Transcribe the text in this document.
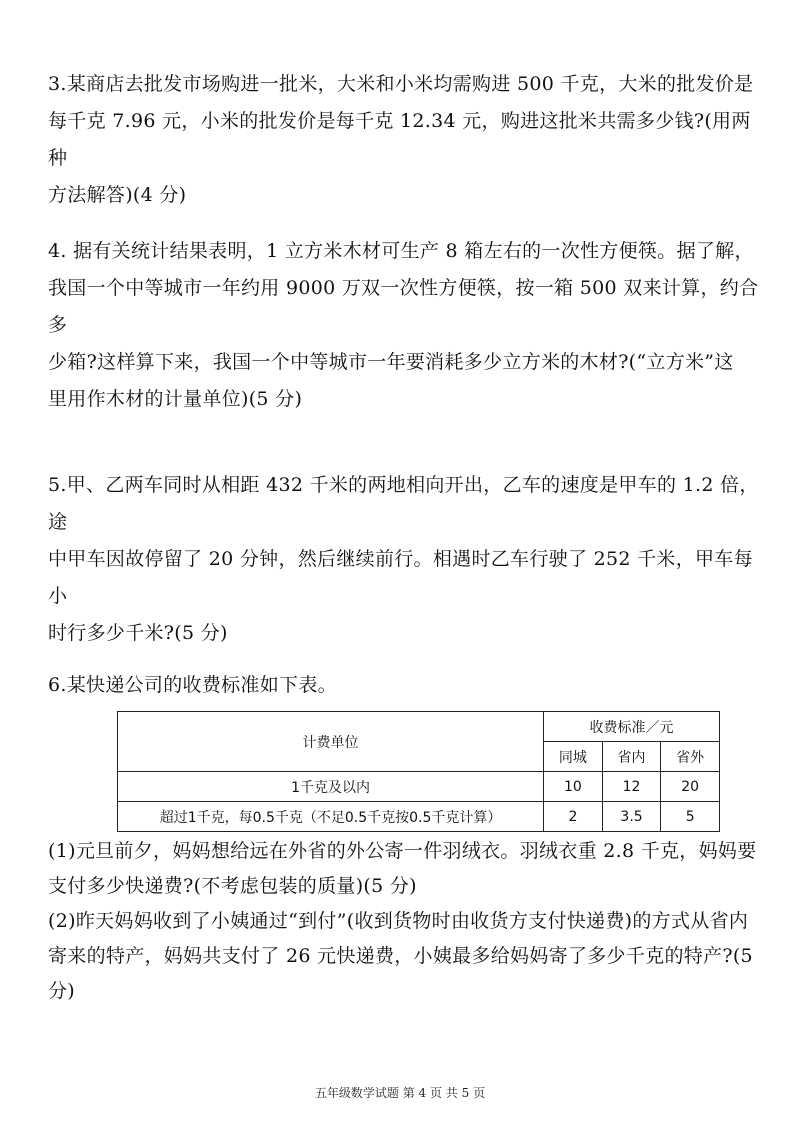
3.某商店去批发市场购进一批米，大米和小米均需购进 500 千克，大米的批发价是

每千克 7.96 元，小米的批发价是每千克 12.34 元，购进这批米共需多少钱?(用两种

方法解答)(4 分)

4. 据有关统计结果表明，1 立方米木材可生产 8 箱左右的一次性方便筷。据了解，

我国一个中等城市一年约用 9000 万双一次性方便筷，按一箱 500 双来计算，约合多

少箱?这样算下来，我国一个中等城市一年要消耗多少立方米的木材?(“立方米”这

里用作木材的计量单位)(5 分)

5.甲、乙两车同时从相距 432 千米的两地相向开出，乙车的速度是甲车的 1.2 倍，途

中甲车因故停留了 20 分钟，然后继续前行。相遇时乙车行驶了 252 千米，甲车每小

时行多少千米?(5 分)

6.某快递公司的收费标准如下表。

计费单位	收费标准／元		
	同城	省内	省外
1千克及以内	10	12	20
超过1千克，每0.5千克（不足0.5千克按0.5千克计算）	2	3.5	5

(1)元旦前夕，妈妈想给远在外省的外公寄一件羽绒衣。羽绒衣重 2.8 千克，妈妈要

支付多少快递费?(不考虑包装的质量)(5 分)

(2)昨天妈妈收到了小姨通过“到付”(收到货物时由收货方支付快递费)的方式从省内

寄来的特产，妈妈共支付了 26 元快递费，小姨最多给妈妈寄了多少千克的特产?(5

分)

五年级数学试题 第 4 页 共 5 页
